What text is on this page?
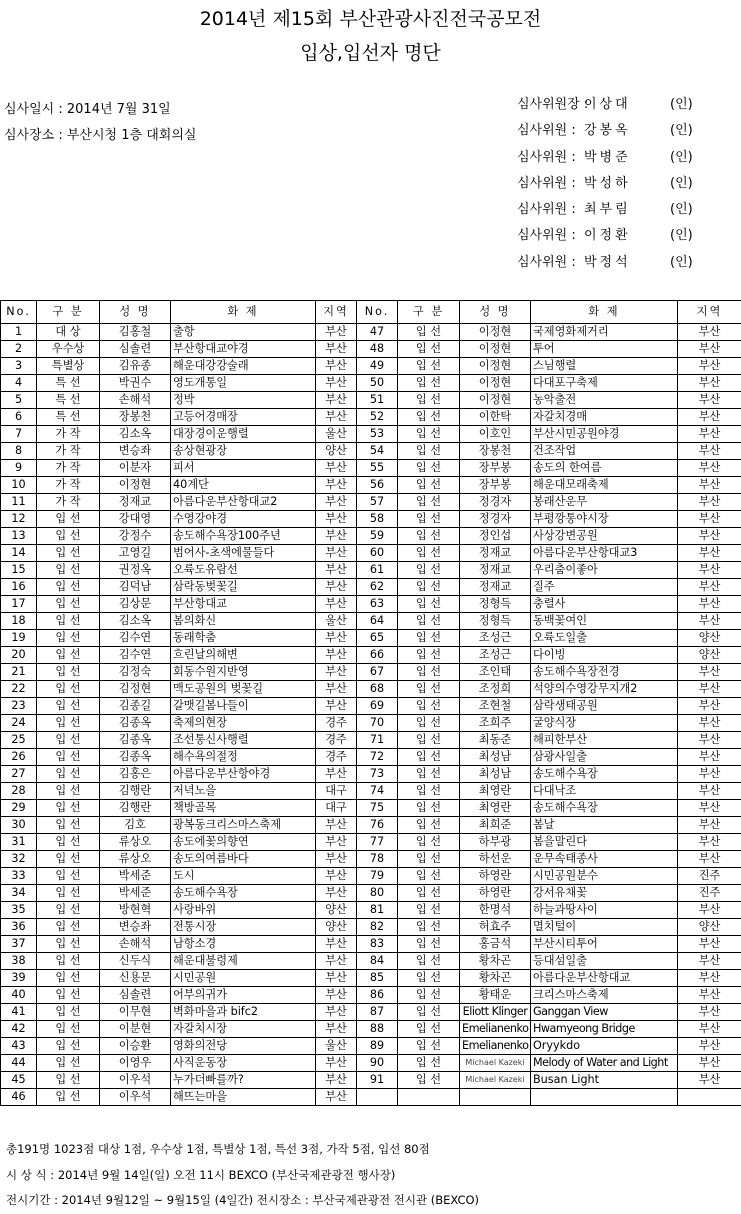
2014년 제15회 부산관광사진전국공모전
입상,입선자 명단
심사일시 : 2014년 7월 31일
심사장소 : 부산시청 1층 대회의실
심사위원장 :이상대	(인)
심사위원 : 강봉옥	(인)
심사위원 : 박병준	(인)
심사위원 : 박성하	(인)
심사위원 : 최부림	(인)
심사위원 : 이정환	(인)
심사위원 : 박정석	(인)
No.	구 분	성 명	화 제	지역	No.	구 분	성 명	화 제	지역
1	대 상	김홍철	출항	부산	47	입 선	이정현	국제영화제거리	부산
2	우수상	심솔련	부산항대교야경	부산	48	입 선	이정현	투어	부산
3	특별상	김유종	해운대강강술래	부산	49	입 선	이정현	스님행렬	부산
4	특 선	박권수	영도개통일	부산	50	입 선	이정현	다대포구축제	부산
5	특 선	손해석	정박	부산	51	입 선	이정현	농악출전	부산
6	특 선	장봉천	고등어경매장	부산	52	입 선	이한탁	자갈치경매	부산
7	가 작	김소옥	대장경이운행렬	울산	53	입 선	이호인	부산시민공원야경	부산
8	가 작	변승좌	송상현광장	양산	54	입 선	장봉천	건조작업	부산
9	가 작	이분자	피서	부산	55	입 선	장부봉	송도의 한여름	부산
10	가 작	이정현	40계단	부산	56	입 선	장부봉	해운대모래축제	부산
11	가 작	정재교	아름다운부산항대교2	부산	57	입 선	정경자	봉래산운무	부산
12	입 선	강대영	수영강야경	부산	58	입 선	정경자	부평깡통야시장	부산
13	입 선	강정수	송도해수욕장100주년	부산	59	입 선	정인섭	사상강변공원	부산
14	입 선	고영길	범어사-초색에물들다	부산	60	입 선	정재교	아름다운부산항대교3	부산
15	입 선	권정옥	오륙도유람선	부산	61	입 선	정재교	우리춤이좋아	부산
16	입 선	김덕남	삼락동벚꽃길	부산	62	입 선	정재교	질주	부산
17	입 선	김상문	부산항대교	부산	63	입 선	정형득	충렬사	부산
18	입 선	김소옥	봄의화신	울산	64	입 선	정형득	동백꽃여인	부산
19	입 선	김수연	동래학춤	부산	65	입 선	조성근	오륙도일출	양산
20	입 선	김수연	흐린날의해변	부산	66	입 선	조성근	다이빙	양산
21	입 선	김정숙	회동수원지반영	부산	67	입 선	조인태	송도해수욕장전경	부산
22	입 선	김정현	맥도공원의 벚꽃길	부산	68	입 선	조정희	석양의수영강무지개2	부산
23	입 선	김종길	갈맷길봄나들이	부산	69	입 선	조현철	삼락생태공원	부산
24	입 선	김종옥	축제의현장	경주	70	입 선	조희주	굴양식장	부산
25	입 선	김종옥	조선통신사행렬	경주	71	입 선	최동준	해피한부산	부산
26	입 선	김종옥	해수욕의절정	경주	72	입 선	최성남	삼광사일출	부산
27	입 선	김홍은	아름다운부산항야경	부산	73	입 선	최성남	송도해수욕장	부산
28	입 선	김행란	저녁노을	대구	74	입 선	최영란	다대낙조	부산
29	입 선	김행란	책방골목	대구	75	입 선	최영란	송도해수욕장	부산
30	입 선	김호	광복동크리스마스축제	부산	76	입 선	최희준	봄날	부산
31	입 선	류상오	송도에꽃의향연	부산	77	입 선	하부광	봄을말린다	부산
32	입 선	류상오	송도의여름바다	부산	78	입 선	하선운	운무속태종사	부산
33	입 선	박세준	도시	부산	79	입 선	하영란	시민공원분수	진주
34	입 선	박세준	송도해수욕장	부산	80	입 선	하영란	강서유채꽃	진주
35	입 선	방현혁	사랑바위	양산	81	입 선	한명석	하늘과땅사이	부산
36	입 선	변승좌	전통시장	양산	82	입 선	허효주	멸치털이	양산
37	입 선	손해석	남항소경	부산	83	입 선	홍금석	부산시티투어	부산
38	입 선	신두식	해운대불령제	부산	84	입 선	황차곤	등대섬일출	부산
39	입 선	신용문	시민공원	부산	85	입 선	황차곤	아름다운부산항대교	부산
40	입 선	심솔련	어부의귀가	부산	86	입 선	황태운	크리스마스축제	부산
41	입 선	이무현	벽화마을과 bifc2	부산	87	입 선	Eliott Klinger	Ganggan View	부산
42	입 선	이분현	자갈치시장	부산	88	입 선	Emelianenko	Hwamyeong Bridge	부산
43	입 선	이승환	영화의전당	울산	89	입 선	Emelianenko	Oryykdo	부산
44	입 선	이영우	사직운동장	부산	90	입 선	Michael Kazeki	Melody of Water and Light	부산
45	입 선	이우석	누가더빠를까?	부산	91	입 선	Michael Kazeki	Busan Light	부산
46	입 선	이우석	해뜨는마을	부산					
총191명 1023점 대상 1점, 우수상 1점, 특별상 1점, 특선 3점, 가작 5점, 입선 80점
시 상 식 : 2014년 9월 14일(일) 오전 11시 BEXCO (부산국제관광전 행사장)
전시기간 : 2014년 9월12일 ~ 9월15일 (4일간) 전시장소 : 부산국제관광전 전시관 (BEXCO)
